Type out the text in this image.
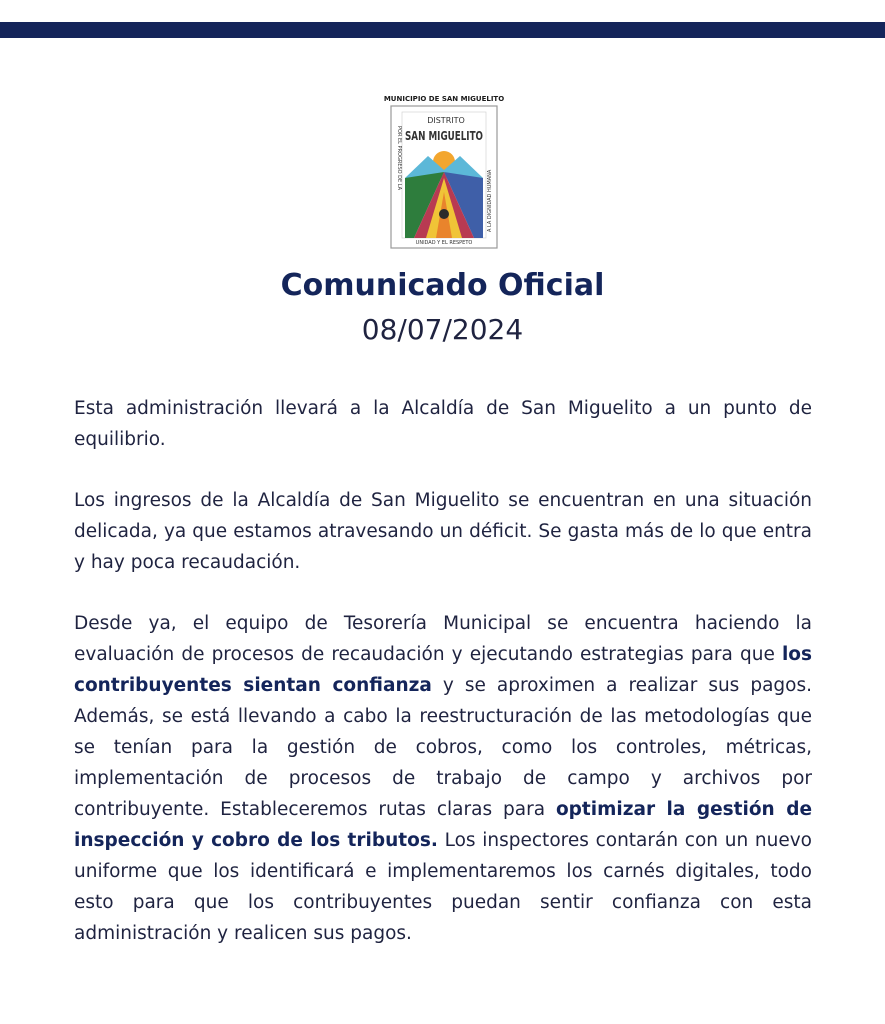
MUNICIPIO DE SAN MIGUELITO
POR EL PROGRESO DE LA
A LA DIGNIDAD HUMANA
DISTRITO
SAN MIGUELITO
UNIDAD Y EL RESPETO
Comunicado Oficial
08/07/2024

Esta administración llevará a la Alcaldía de San Miguelito a un punto de equilibrio.

Los ingresos de la Alcaldía de San Miguelito se encuentran en una situación delicada, ya que estamos atravesando un déficit. Se gasta más de lo que entra y hay poca recaudación.

Desde ya, el equipo de Tesorería Municipal se encuentra haciendo la evaluación de procesos de recaudación y ejecutando estrategias para que los contribuyentes sientan confianza y se aproximen a realizar sus pagos. Además, se está llevando a cabo la reestructuración de las metodologías que se tenían para la gestión de cobros, como los controles, métricas, implementación de procesos de trabajo de campo y archivos por contribuyente. Estableceremos rutas claras para optimizar la gestión de inspección y cobro de los tributos. Los inspectores contarán con un nuevo uniforme que los identificará e implementaremos los carnés digitales, todo esto para que los contribuyentes puedan sentir confianza con esta administración y realicen sus pagos.
